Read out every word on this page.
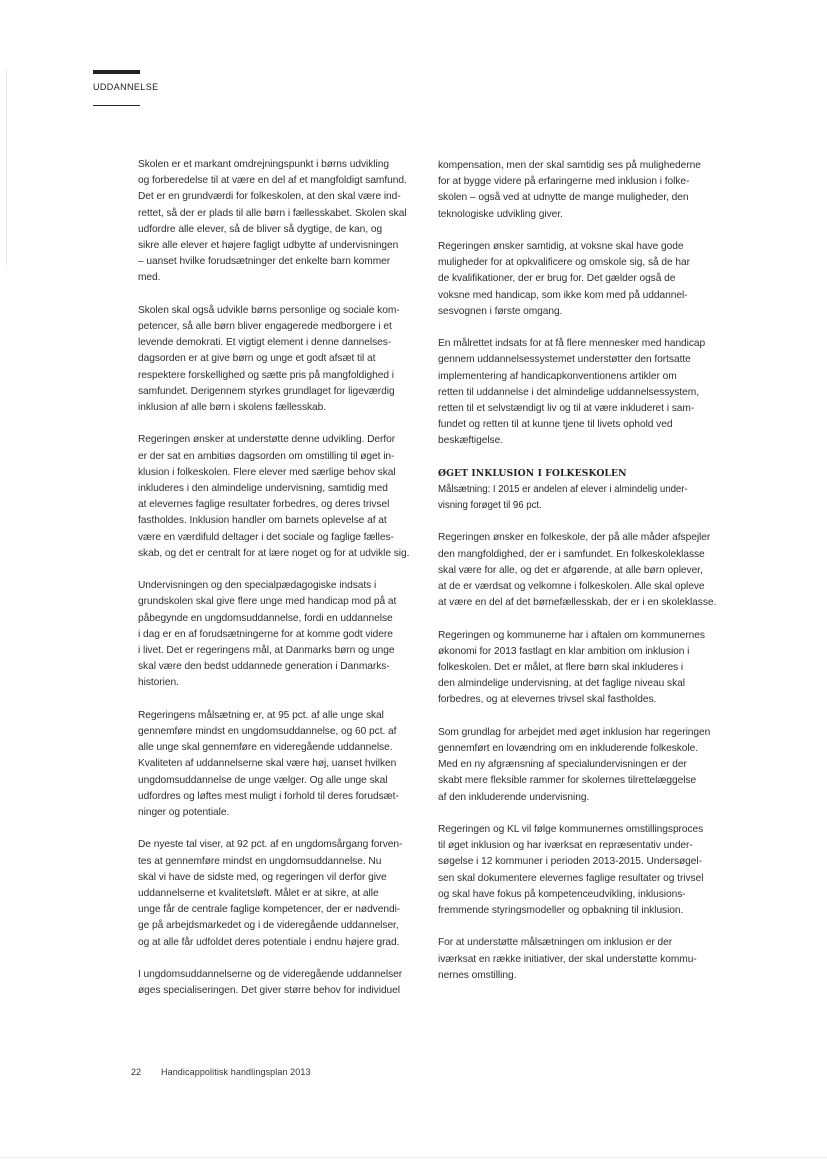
UDDANNELSE

Skolen er et markant omdrejningspunkt i børns udvikling
og forberedelse til at være en del af et mangfoldigt samfund.
Det er en grundværdi for folkeskolen, at den skal være ind-
rettet, så der er plads til alle børn i fællesskabet. Skolen skal
udfordre alle elever, så de bliver så dygtige, de kan, og
sikre alle elever et højere fagligt udbytte af undervisningen
– uanset hvilke forudsætninger det enkelte barn kommer
med.

Skolen skal også udvikle børns personlige og sociale kom-
petencer, så alle børn bliver engagerede medborgere i et
levende demokrati. Et vigtigt element i denne dannelses-
dagsorden er at give børn og unge et godt afsæt til at
respektere forskellighed og sætte pris på mangfoldighed i
samfundet. Derigennem styrkes grundlaget for ligeværdig
inklusion af alle børn i skolens fællesskab.

Regeringen ønsker at understøtte denne udvikling. Derfor
er der sat en ambitiøs dagsorden om omstilling til øget in-
klusion i folkeskolen. Flere elever med særlige behov skal
inkluderes i den almindelige undervisning, samtidig med
at elevernes faglige resultater forbedres, og deres trivsel
fastholdes. Inklusion handler om barnets oplevelse af at
være en værdifuld deltager i det sociale og faglige fælles-
skab, og det er centralt for at lære noget og for at udvikle sig.

Undervisningen og den specialpædagogiske indsats i
grundskolen skal give flere unge med handicap mod på at
påbegynde en ungdomsuddannelse, fordi en uddannelse
i dag er en af forudsætningerne for at komme godt videre
i livet. Det er regeringens mål, at Danmarks børn og unge
skal være den bedst uddannede generation i Danmarks-
historien.

Regeringens målsætning er, at 95 pct. af alle unge skal
gennemføre mindst en ungdomsuddannelse, og 60 pct. af
alle unge skal gennemføre en videregående uddannelse.
Kvaliteten af uddannelserne skal være høj, uanset hvilken
ungdomsuddannelse de unge vælger. Og alle unge skal
udfordres og løftes mest muligt i forhold til deres forudsæt-
ninger og potentiale.

De nyeste tal viser, at 92 pct. af en ungdomsårgang forven-
tes at gennemføre mindst en ungdomsuddannelse. Nu
skal vi have de sidste med, og regeringen vil derfor give
uddannelserne et kvalitetsløft. Målet er at sikre, at alle
unge får de centrale faglige kompetencer, der er nødvendi-
ge på arbejdsmarkedet og i de videregående uddannelser,
og at alle får udfoldet deres potentiale i endnu højere grad.

I ungdomsuddannelserne og de videregående uddannelser
øges specialiseringen. Det giver større behov for individuel

kompensation, men der skal samtidig ses på mulighederne
for at bygge videre på erfaringerne med inklusion i folke-
skolen – også ved at udnytte de mange muligheder, den
teknologiske udvikling giver.

Regeringen ønsker samtidig, at voksne skal have gode
muligheder for at opkvalificere og omskole sig, så de har
de kvalifikationer, der er brug for. Det gælder også de
voksne med handicap, som ikke kom med på uddannel-
sesvognen i første omgang.

En målrettet indsats for at få flere mennesker med handicap
gennem uddannelsessystemet understøtter den fortsatte
implementering af handicapkonventionens artikler om
retten til uddannelse i det almindelige uddannelsessystem,
retten til et selvstændigt liv og til at være inkluderet i sam-
fundet og retten til at kunne tjene til livets ophold ved
beskæftigelse.

ØGET INKLUSION I FOLKESKOLEN

Målsætning: I 2015 er andelen af elever i almindelig under-
visning forøget til 96 pct.

Regeringen ønsker en folkeskole, der på alle måder afspejler
den mangfoldighed, der er i samfundet. En folkeskoleklasse
skal være for alle, og det er afgørende, at alle børn oplever,
at de er værdsat og velkomne i folkeskolen. Alle skal opleve
at være en del af det børnefællesskab, der er i en skoleklasse.

Regeringen og kommunerne har i aftalen om kommunernes
økonomi for 2013 fastlagt en klar ambition om inklusion i
folkeskolen. Det er målet, at flere børn skal inkluderes i
den almindelige undervisning, at det faglige niveau skal
forbedres, og at elevernes trivsel skal fastholdes.

Som grundlag for arbejdet med øget inklusion har regeringen
gennemført en lovændring om en inkluderende folkeskole.
Med en ny afgrænsning af specialundervisningen er der
skabt mere fleksible rammer for skolernes tilrettelæggelse
af den inkluderende undervisning.

Regeringen og KL vil følge kommunernes omstillingsproces
til øget inklusion og har iværksat en repræsentativ under-
søgelse i 12 kommuner i perioden 2013-2015. Undersøgel-
sen skal dokumentere elevernes faglige resultater og trivsel
og skal have fokus på kompetenceudvikling, inklusions-
fremmende styringsmodeller og opbakning til inklusion.

For at understøtte målsætningen om inklusion er der
iværksat en række initiativer, der skal understøtte kommu-
nernes omstilling.

22 Handicappolitisk handlingsplan 2013
